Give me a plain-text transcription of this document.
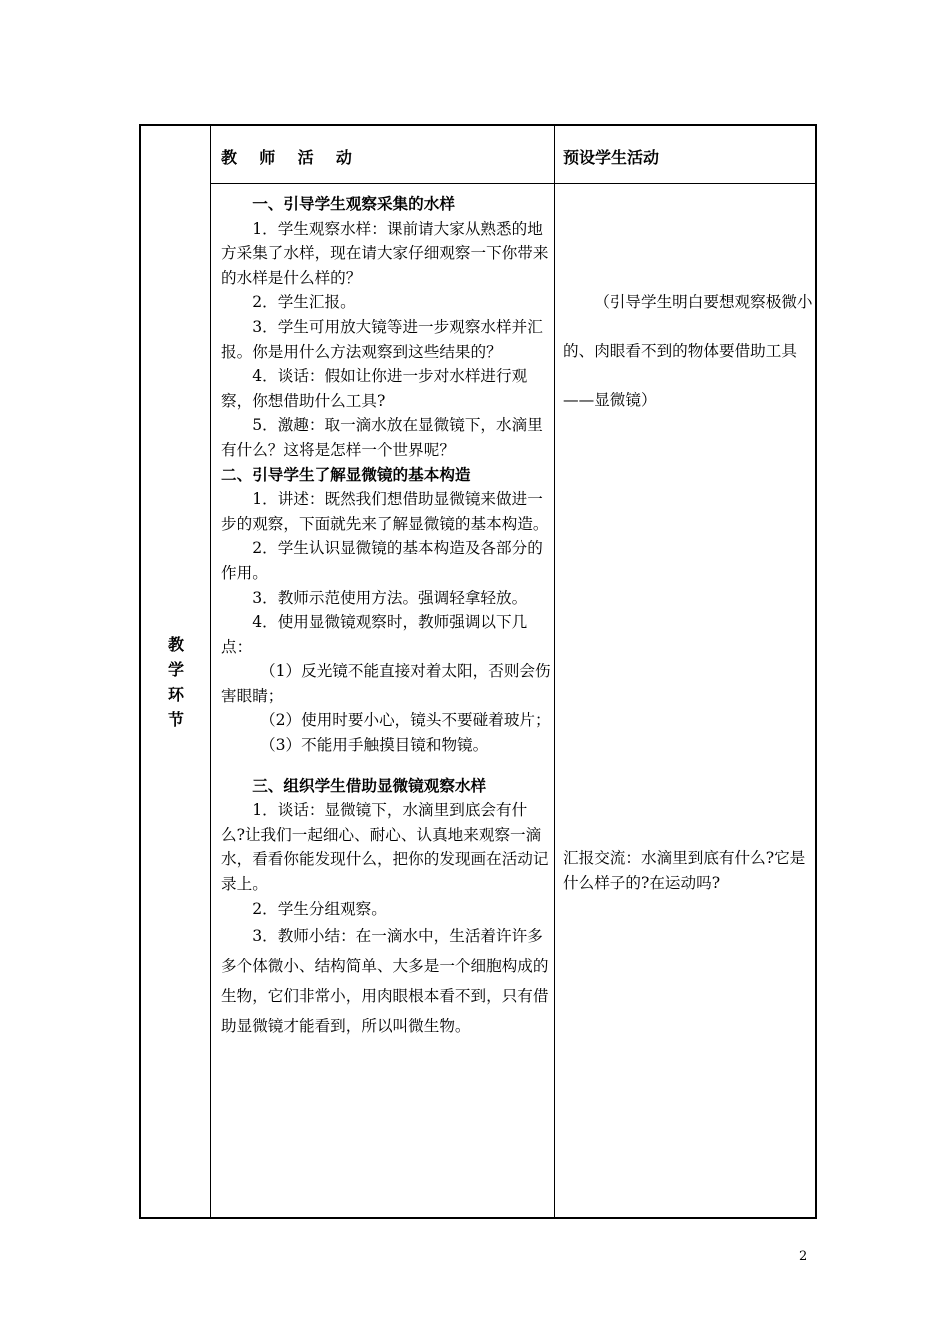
教
学
环
节
教    师    活    动	预设学生活动

一、引导学生观察采集的水样

1．学生观察水样：课前请大家从熟悉的地方采集了水样，现在请大家仔细观察一下你带来的水样是什么样的？

2．学生汇报。

3．学生可用放大镜等进一步观察水样并汇报。你是用什么方法观察到这些结果的？

4．谈话：假如让你进一步对水样进行观察，你想借助什么工具?

5．激趣：取一滴水放在显微镜下，水滴里有什么？这将是怎样一个世界呢？

二、引导学生了解显微镜的基本构造

1．讲述：既然我们想借助显微镜来做进一步的观察，下面就先来了解显微镜的基本构造。

2．学生认识显微镜的基本构造及各部分的作用。

3．教师示范使用方法。强调轻拿轻放。

4．使用显微镜观察时，教师强调以下几点：

（1）反光镜不能直接对着太阳，否则会伤害眼睛；

（2）使用时要小心，镜头不要碰着玻片；

（3）不能用手触摸目镜和物镜。

三、组织学生借助显微镜观察水样

1．谈话：显微镜下，水滴里到底会有什么?让我们一起细心、耐心、认真地来观察一滴水，看看你能发现什么，把你的发现画在活动记录上。

2．学生分组观察。

3．教师小结：在一滴水中，生活着许许多多个体微小、结构简单、大多是一个细胞构成的生物，它们非常小，用肉眼根本看不到，只有借助显微镜才能看到，所以叫微生物。

（引导学生明白要想观察极微小的、肉眼看不到的物体要借助工具——显微镜）

汇报交流：水滴里到底有什么?它是什么样子的?在运动吗?

2
